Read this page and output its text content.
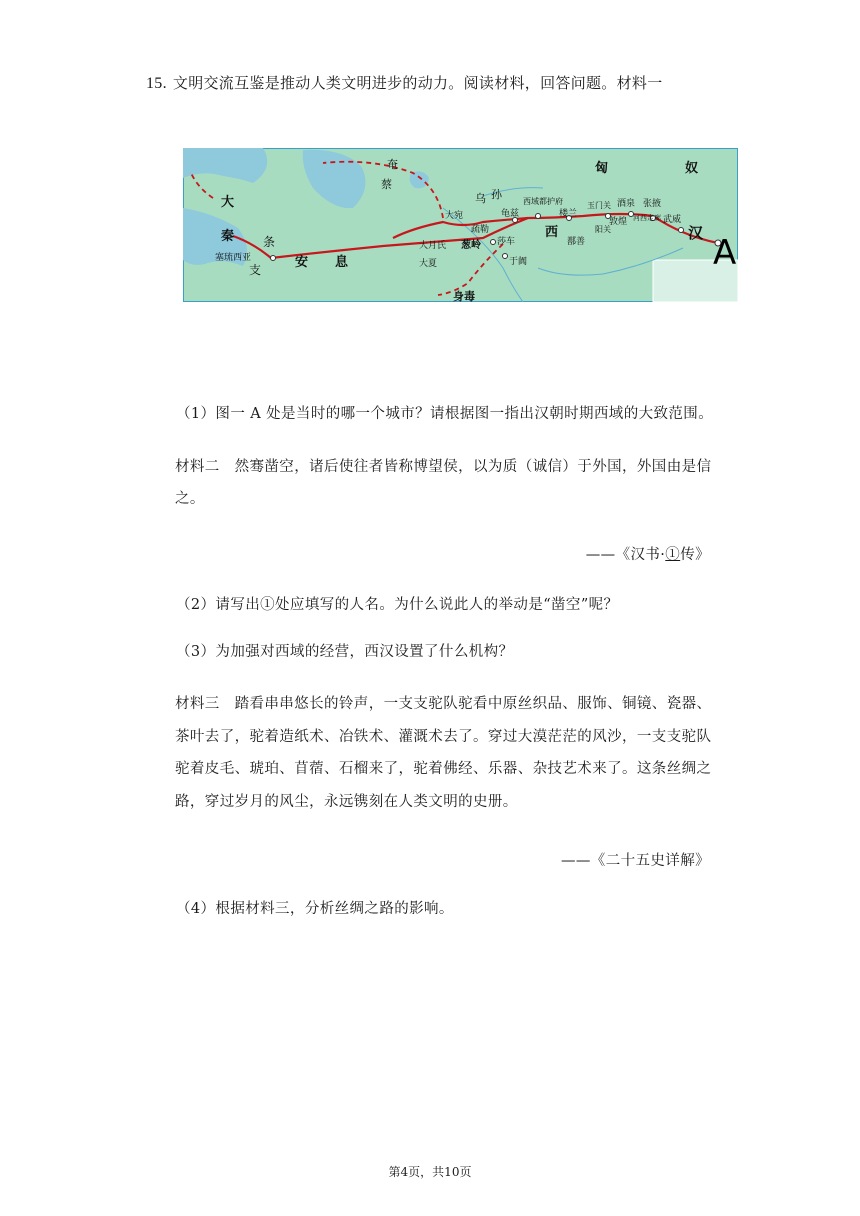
15. 文明交流互鉴是推动人类文明进步的动力。阅读材料，回答问题。材料一
匈	奴
汉 A
大
秦 条
支	安 息
塞琉西亚
奄
蔡
乌 孙
大宛
大月氏
大夏
疏勒
葱岭 莎车
于阗
龟兹
西域都护府
楼兰
西
鄯善
玉门关
阳关
敦煌
酒泉 张掖
河西走廊 武威
身毒
（1）图一 A 处是当时的哪一个城市？请根据图一指出汉朝时期西域的大致范围。
材料二　然骞凿空，诸后使往者皆称博望侯，以为质（诚信）于外国，外国由是信
之。
——《汉书·①传》
（2）请写出①处应填写的人名。为什么说此人的举动是“凿空”呢？
（3）为加强对西域的经营，西汉设置了什么机构？
材料三　踏看串串悠长的铃声，一支支驼队驼看中原丝织品、服饰、铜镜、瓷器、
茶叶去了，驼着造纸术、冶铁术、灌溉术去了。穿过大漠茫茫的风沙，一支支驼队
驼着皮毛、琥珀、苜蓿、石榴来了，驼着佛经、乐器、杂技艺术来了。这条丝绸之
路，穿过岁月的风尘，永远镌刻在人类文明的史册。
——《二十五史详解》
（4）根据材料三，分析丝绸之路的影响。
第4页，共10页
